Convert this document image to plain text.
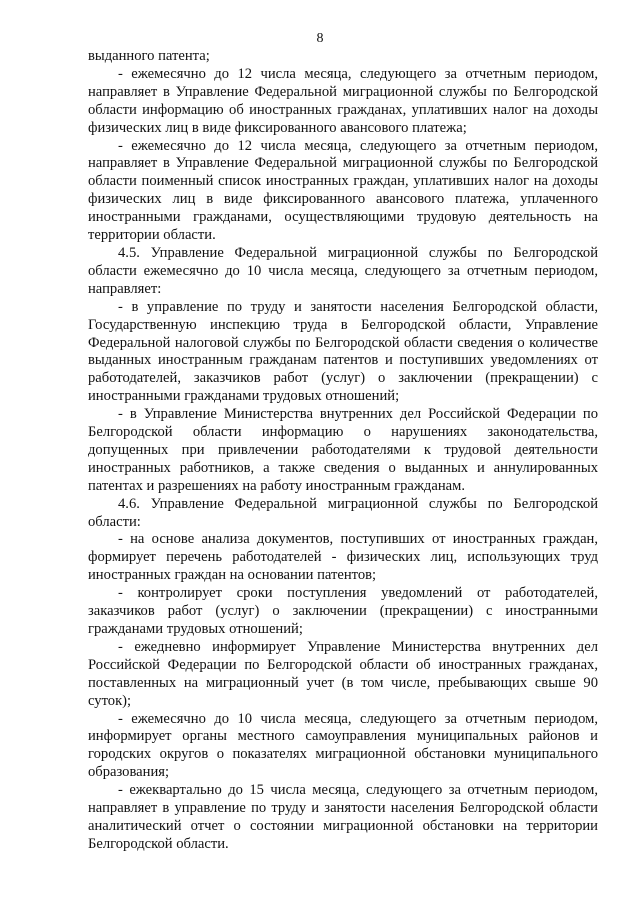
8

выданного патента;

- ежемесячно до 12 числа месяца, следующего за отчетным периодом, направляет в Управление Федеральной миграционной службы по Белгородской области информацию об иностранных гражданах, уплативших налог на доходы физических лиц в виде фиксированного авансового платежа;

- ежемесячно до 12 числа месяца, следующего за отчетным периодом, направляет в Управление Федеральной миграционной службы по Белгородской области поименный список иностранных граждан, уплативших налог на доходы физических лиц в виде фиксированного авансового платежа, уплаченного иностранными гражданами, осуществляющими трудовую деятельность на территории области.

4.5. Управление Федеральной миграционной службы по Белгородской области ежемесячно до 10 числа месяца, следующего за отчетным периодом, направляет:

- в управление по труду и занятости населения Белгородской области, Государственную инспекцию труда в Белгородской области, Управление Федеральной налоговой службы по Белгородской области сведения о количестве выданных иностранным гражданам патентов и поступивших уведомлениях от работодателей, заказчиков работ (услуг) о заключении (прекращении) с иностранными гражданами трудовых отношений;

- в Управление Министерства внутренних дел Российской Федерации по Белгородской области информацию о нарушениях законодательства, допущенных при привлечении работодателями к трудовой деятельности иностранных работников, а также сведения о выданных и аннулированных патентах и разрешениях на работу иностранным гражданам.

4.6. Управление Федеральной миграционной службы по Белгородской области:

- на основе анализа документов, поступивших от иностранных граждан, формирует перечень работодателей - физических лиц, использующих труд иностранных граждан на основании патентов;

- контролирует сроки поступления уведомлений от работодателей, заказчиков работ (услуг) о заключении (прекращении) с иностранными гражданами трудовых отношений;

- ежедневно информирует Управление Министерства внутренних дел Российской Федерации по Белгородской области об иностранных гражданах, поставленных на миграционный учет (в том числе, пребывающих свыше 90 суток);

- ежемесячно до 10 числа месяца, следующего за отчетным периодом, информирует органы местного самоуправления муниципальных районов и городских округов о показателях миграционной обстановки муниципального образования;

- ежеквартально до 15 числа месяца, следующего за отчетным периодом, направляет в управление по труду и занятости населения Белгородской области аналитический отчет о состоянии миграционной обстановки на территории Белгородской области.
